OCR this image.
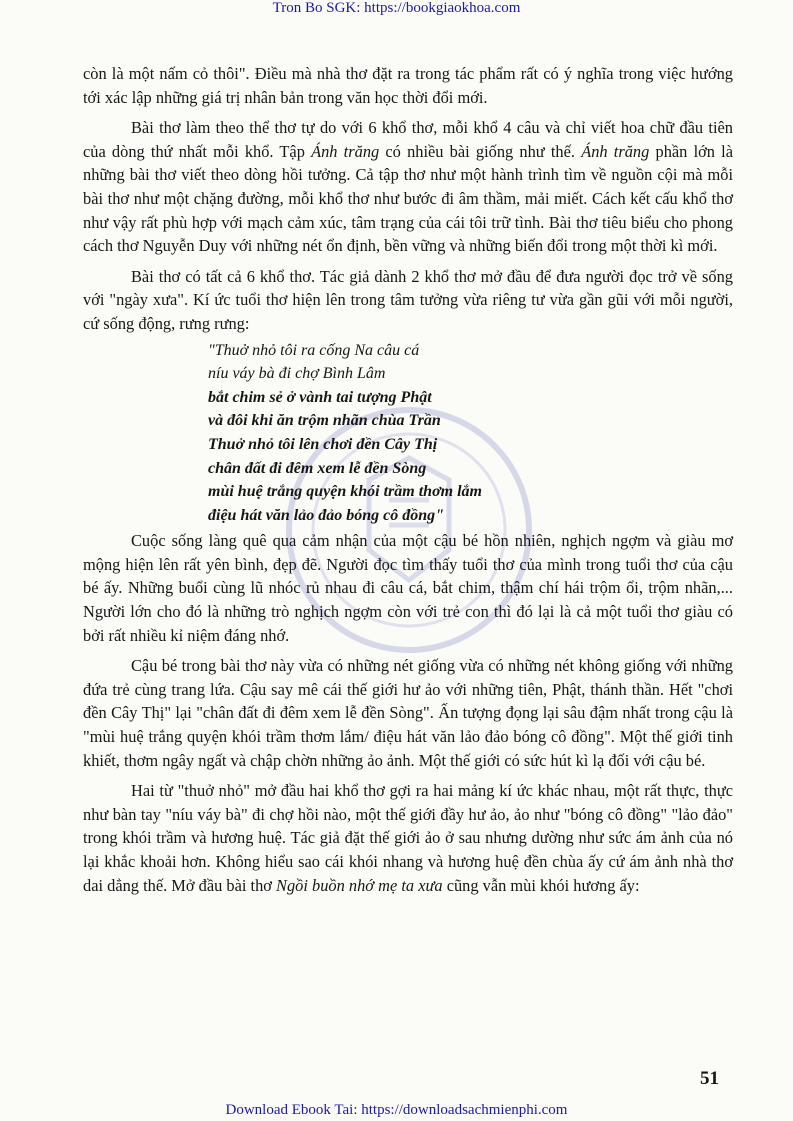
Tron Bo SGK: https://bookgiaokhoa.com

còn là một nấm cỏ thôi". Điều mà nhà thơ đặt ra trong tác phẩm rất có ý nghĩa trong việc hướng tới xác lập những giá trị nhân bản trong văn học thời đổi mới.

Bài thơ làm theo thể thơ tự do với 6 khổ thơ, mỗi khổ 4 câu và chỉ viết hoa chữ đầu tiên của dòng thứ nhất mỗi khổ. Tập Ánh trăng có nhiều bài giống như thế. Ánh trăng phần lớn là những bài thơ viết theo dòng hồi tưởng. Cả tập thơ như một hành trình tìm về nguồn cội mà mỗi bài thơ như một chặng đường, mỗi khổ thơ như bước đi âm thầm, mải miết. Cách kết cấu khổ thơ như vậy rất phù hợp với mạch cảm xúc, tâm trạng của cái tôi trữ tình. Bài thơ tiêu biểu cho phong cách thơ Nguyễn Duy với những nét ổn định, bền vững và những biến đổi trong một thời kì mới.

Bài thơ có tất cả 6 khổ thơ. Tác giả dành 2 khổ thơ mở đầu để đưa người đọc trở về sống với "ngày xưa". Kí ức tuổi thơ hiện lên trong tâm tưởng vừa riêng tư vừa gần gũi với mỗi người, cứ sống động, rưng rưng:

"Thuở nhỏ tôi ra cống Na câu cá
níu váy bà đi chợ Bình Lâm
bắt chim sẻ ở vành tai tượng Phật
và đôi khi ăn trộm nhãn chùa Trần
Thuở nhỏ tôi lên chơi đền Cây Thị
chân đất đi đêm xem lễ đền Sòng
mùi huệ trắng quyện khói trầm thơm lắm
điệu hát văn lảo đảo bóng cô đồng"

Cuộc sống làng quê qua cảm nhận của một cậu bé hồn nhiên, nghịch ngợm và giàu mơ mộng hiện lên rất yên bình, đẹp đẽ. Người đọc tìm thấy tuổi thơ của mình trong tuổi thơ của cậu bé ấy. Những buổi cùng lũ nhóc rủ nhau đi câu cá, bắt chim, thậm chí hái trộm ổi, trộm nhãn,... Người lớn cho đó là những trò nghịch ngợm còn với trẻ con thì đó lại là cả một tuổi thơ giàu có bởi rất nhiều kỉ niệm đáng nhớ.

Cậu bé trong bài thơ này vừa có những nét giống vừa có những nét không giống với những đứa trẻ cùng trang lứa. Cậu say mê cái thế giới hư ảo với những tiên, Phật, thánh thần. Hết "chơi đền Cây Thị" lại "chân đất đi đêm xem lễ đền Sòng". Ấn tượng đọng lại sâu đậm nhất trong cậu là "mùi huệ trắng quyện khói trầm thơm lắm/ điệu hát văn lảo đảo bóng cô đồng". Một thế giới tinh khiết, thơm ngây ngất và chập chờn những ảo ảnh. Một thế giới có sức hút kì lạ đối với cậu bé.

Hai từ "thuở nhỏ" mở đầu hai khổ thơ gợi ra hai mảng kí ức khác nhau, một rất thực, thực như bàn tay "níu váy bà" đi chợ hồi nào, một thế giới đầy hư ảo, ảo như "bóng cô đồng" "lảo đảo" trong khói trầm và hương huệ. Tác giả đặt thế giới ảo ở sau nhưng dường như sức ám ảnh của nó lại khắc khoải hơn. Không hiểu sao cái khói nhang và hương huệ đền chùa ấy cứ ám ảnh nhà thơ dai dẳng thế. Mở đầu bài thơ Ngồi buồn nhớ mẹ ta xưa cũng vẫn mùi khói hương ấy:

51
Download Ebook Tai: https://downloadsachmienphi.com
